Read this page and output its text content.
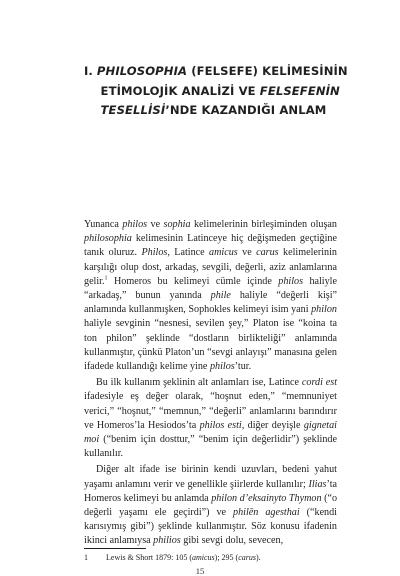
I. PHILOSOPHIA (FELSEFE) KELİMESİNİN
ETİMOLOJİK ANALİZİ VE FELSEFENİN
TESELLİSİ’NDE KAZANDIĞI ANLAM

Yunanca philos ve sophia kelimelerinin birleşiminden oluşan philosophia kelimesinin Latinceye hiç değişmeden geçtiğine tanık oluruz. Philos, Latince amicus ve carus kelimelerinin karşılığı olup dost, arkadaş, sevgili, değerli, aziz anlamlarına gelir.$^1$ Homeros bu kelimeyi cümle içinde philos haliyle “arkadaş,” bunun yanında phile haliyle “değerli kişi” anlamında kullanmışken, Sophokles kelimeyi isim yani philon haliyle sevginin “nesnesi, sevilen şey,” Platon ise “koina ta ton philon” şeklinde “dostların birlikteliği” anlamında kullanmıştır, çünkü Platon’un “sevgi anlayışı” manasına gelen ifadede kullandığı kelime yine philos’tur.

Bu ilk kullanım şeklinin alt anlamları ise, Latince cordi est ifadesiyle eş değer olarak, “hoşnut eden,” “memnuniyet verici,” “hoşnut,” “memnun,” “değerli” anlamlarını barındırır ve Homeros’la Hesiodos’ta philos esti, diğer deyişle gignetai moi (“benim için dosttur,” “benim için değerlidir”) şeklinde kullanılır.

Diğer alt ifade ise birinin kendi uzuvları, bedeni yahut yaşamı anlamını verir ve genellikle şiirlerde kullanılır; Ilias’ta Homeros kelimeyi bu anlamda philon d’eksainyto Thymon (“o değerli yaşamı ele geçirdi”) ve philēn agesthai (“kendi karısıymış gibi”) şeklinde kullanmıştır. Söz konusu ifadenin ikinci anlamıysa philios gibi sevgi dolu, sevecen,

1 Lewis & Short 1879: 105 (amicus); 295 (carus).
15
